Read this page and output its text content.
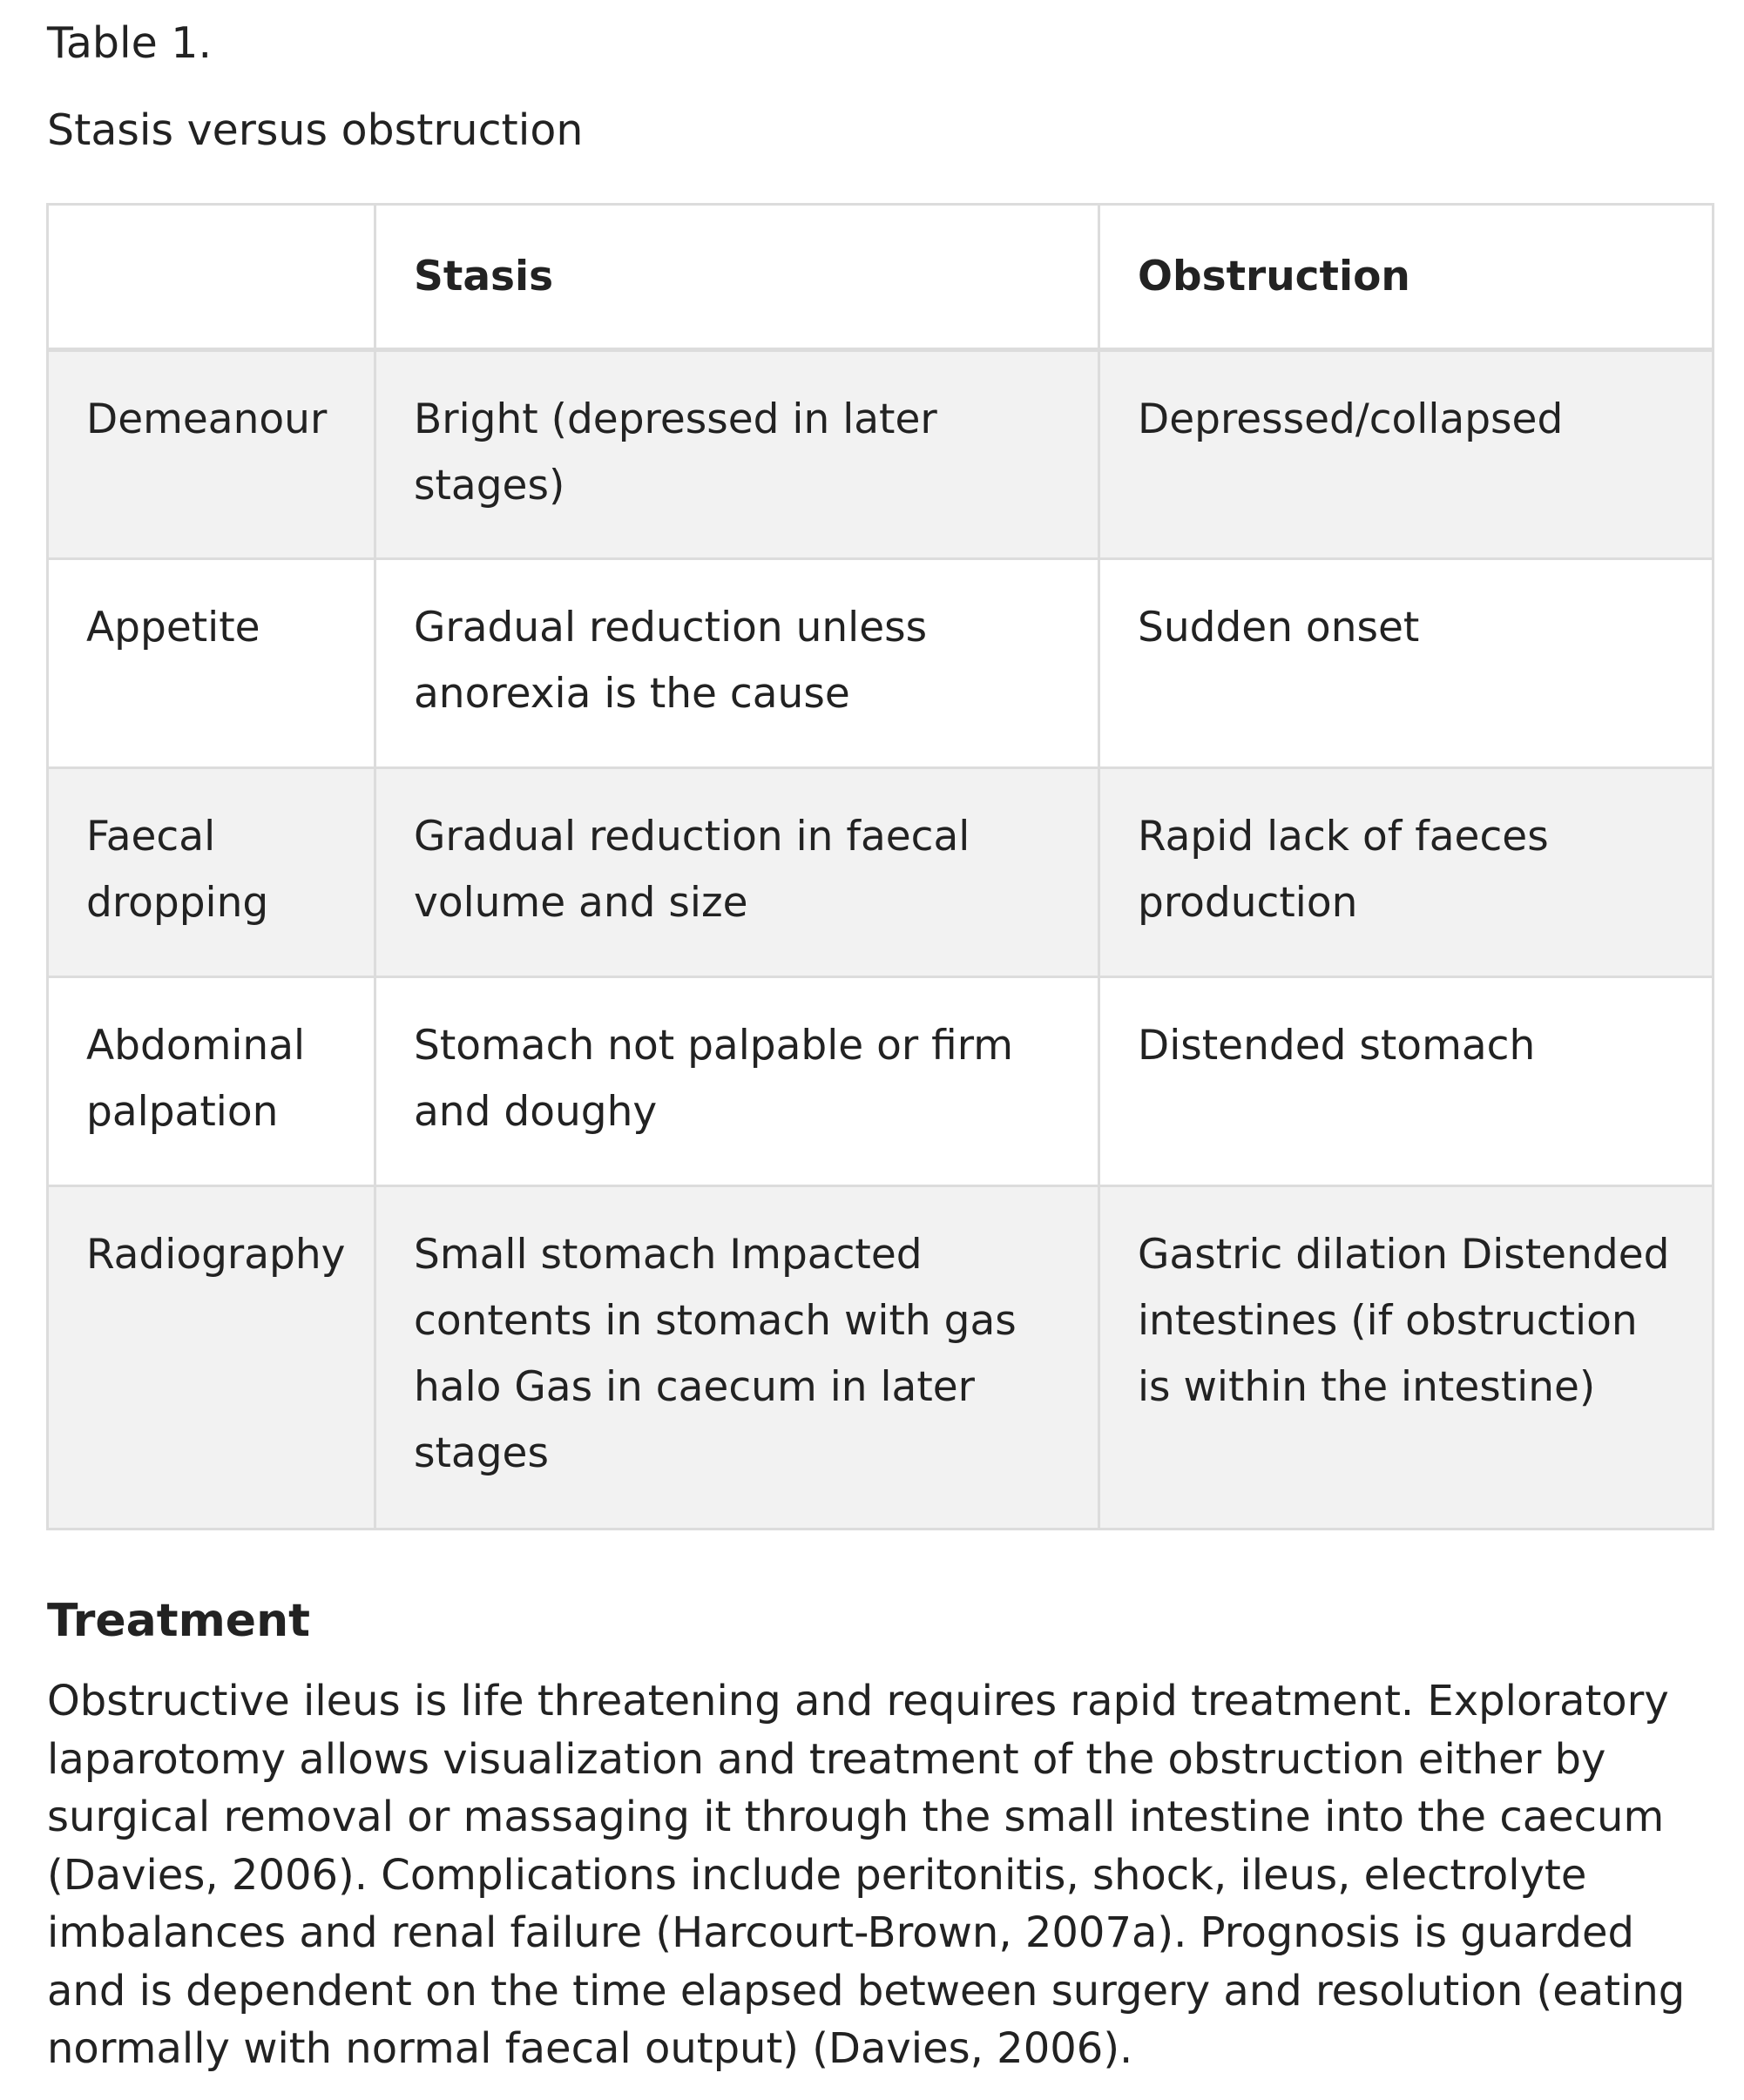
Table 1.

Stasis versus obstruction

	Stasis	Obstruction
Demeanour	Bright (depressed in later stages)	Depressed/collapsed
Appetite	Gradual reduction unless anorexia is the cause	Sudden onset
Faecal dropping	Gradual reduction in faecal volume and size	Rapid lack of faeces production
Abdominal palpation	Stomach not palpable or firm and doughy	Distended stomach
Radiography	Small stomach Impacted contents in stomach with gas halo Gas in caecum in later stages	Gastric dilation Distended intestines (if obstruction is within the intestine)
Treatment

Obstructive ileus is life threatening and requires rapid treatment. Exploratory laparotomy allows visualization and treatment of the obstruction either by surgical removal or massaging it through the small intestine into the caecum (Davies, 2006). Complications include peritonitis, shock, ileus, electrolyte imbalances and renal failure (Harcourt-Brown, 2007a). Prognosis is guarded and is dependent on the time elapsed between surgery and resolution (eating normally with normal faecal output) (Davies, 2006).
